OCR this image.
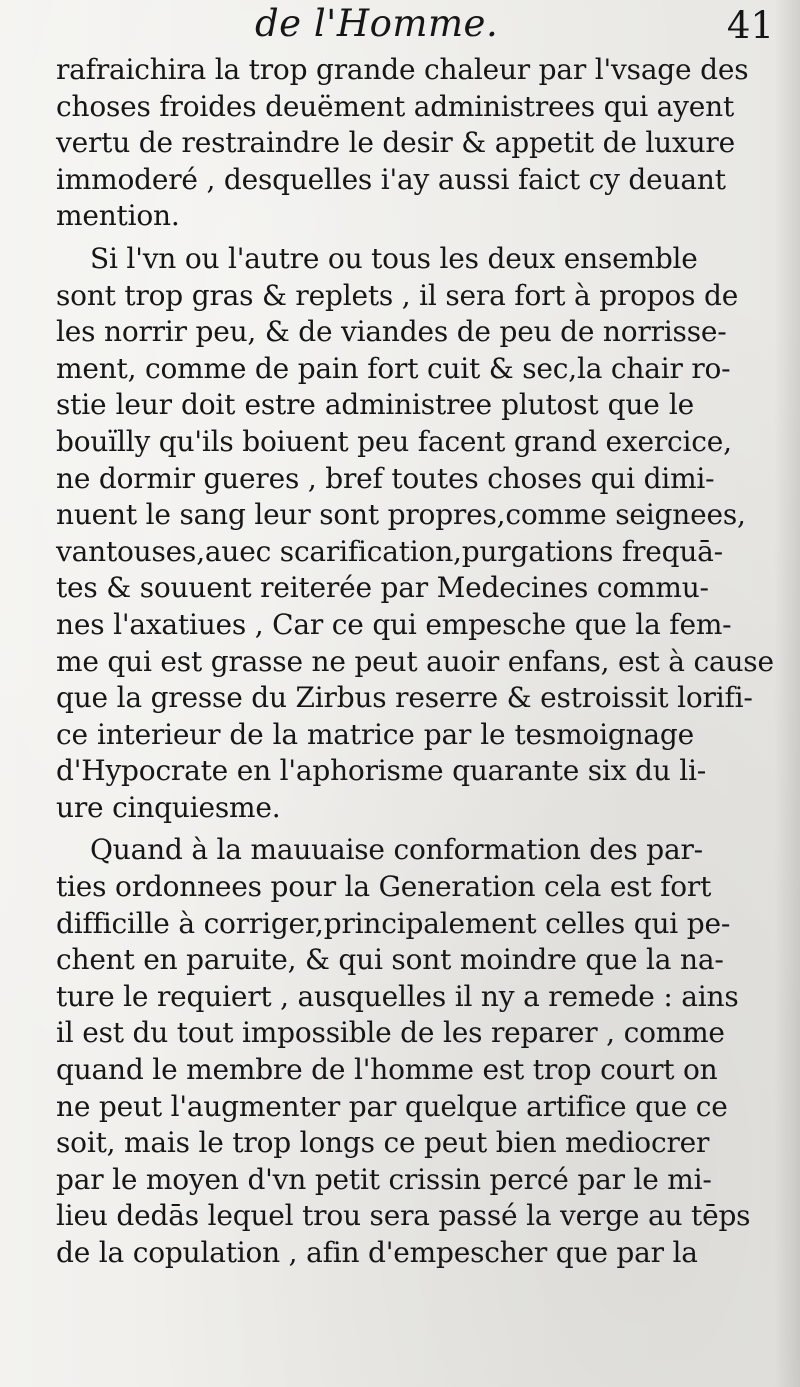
de l'Homme.	41
rafraichira la trop grande chaleur par l'vsage des
choses froides deuëment administrees qui ayent
vertu de restraindre le desir & appetit de luxure
immoderé , desquelles i'ay aussi faict cy deuant
mention.
Si l'vn ou l'autre ou tous les deux ensemble
sont trop gras & replets , il sera fort à propos de
les norrir peu, & de viandes de peu de norrisse-
ment, comme de pain fort cuit & sec,la chair ro-
stie leur doit estre administree plutost que le
bouïlly qu'ils boiuent peu facent grand exercice,
ne dormir gueres , bref toutes choses qui dimi-
nuent le sang leur sont propres,comme seignees,
vantouses,auec scarification,purgations frequā-
tes & souuent reiterée par Medecines commu-
nes l'axatiues , Car ce qui empesche que la fem-
me qui est grasse ne peut auoir enfans, est à cause
que la gresse du Zirbus reserre & estroissit lorifi-
ce interieur de la matrice par le tesmoignage
d'Hypocrate en l'aphorisme quarante six du li-
ure cinquiesme.
Quand à la mauuaise conformation des par-
ties ordonnees pour la Generation cela est fort
difficille à corriger,principalement celles qui pe-
chent en paruite, & qui sont moindre que la na-
ture le requiert , ausquelles il ny a remede : ains
il est du tout impossible de les reparer , comme
quand le membre de l'homme est trop court on
ne peut l'augmenter par quelque artifice que ce
soit, mais le trop longs ce peut bien mediocrer
par le moyen d'vn petit crissin percé par le mi-
lieu dedās lequel trou sera passé la verge au tēps
de la copulation , afin d'empescher que par la
